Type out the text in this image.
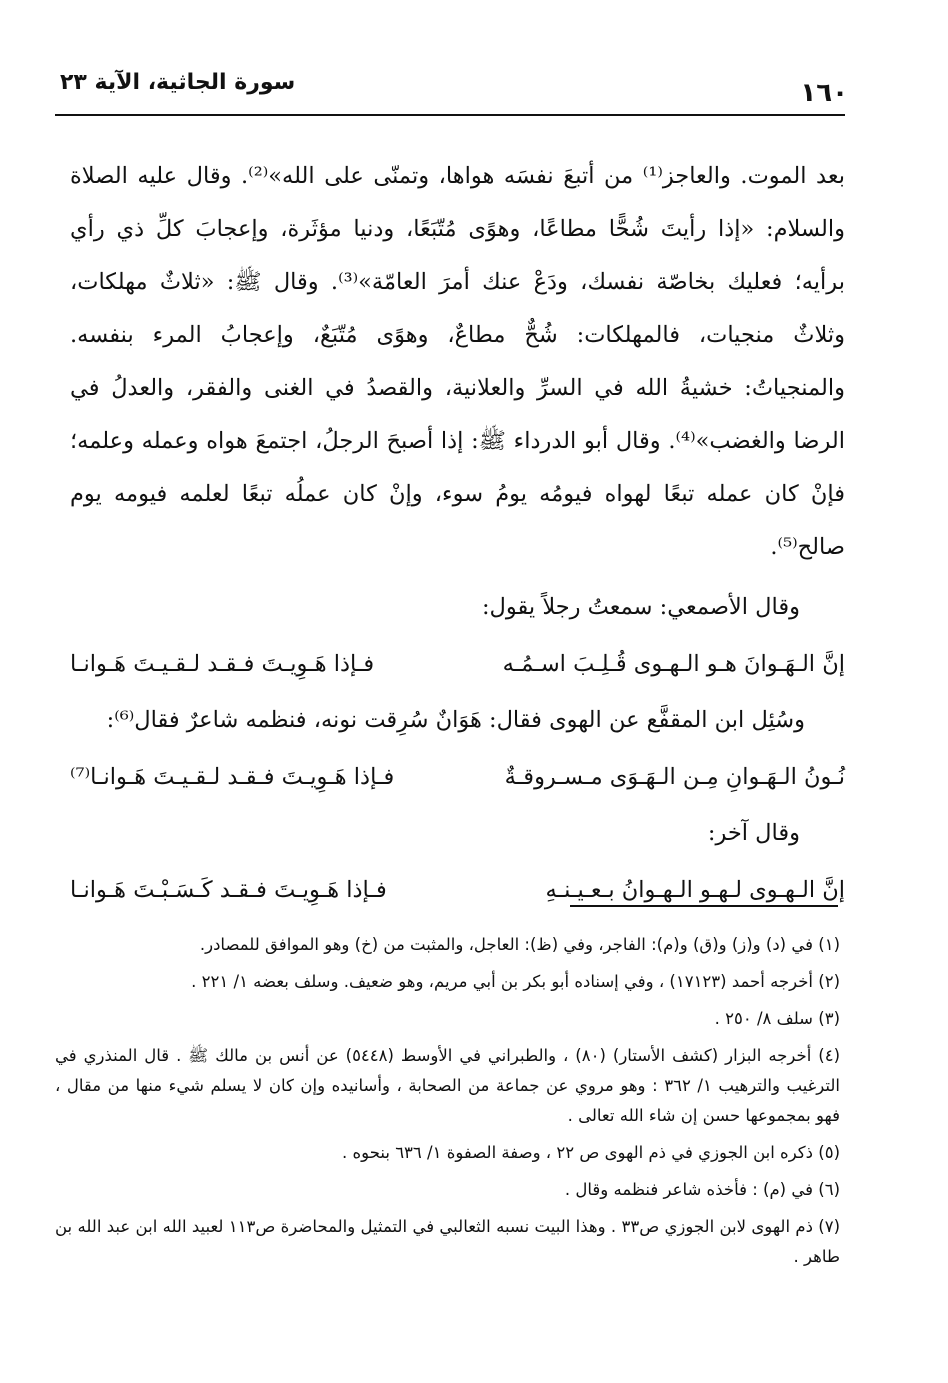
١٦٠
سورة الجاثية، الآية ٢٣

بعد الموت. والعاجز⁽¹⁾ من أتبعَ نفسَه هواها، وتمنّى على الله»⁽²⁾. وقال عليه الصلاة والسلام: «إذا رأيتَ شُحًّا مطاعًا، وهوًى مُتّبَعًا، ودنيا مؤثَرة، وإعجابَ كلِّ ذي رأي برأيه؛ فعليك بخاصّة نفسك، ودَعْ عنك أمرَ العامّة»⁽³⁾. وقال ﷺ: «ثلاثٌ مهلكات، وثلاثٌ منجيات، فالمهلكات: شُحٌّ مطاعٌ، وهوًى مُتّبَعٌ، وإعجابُ المرء بنفسه. والمنجياتُ: خشيةُ الله في السرِّ والعلانية، والقصدُ في الغنى والفقر، والعدلُ في الرضا والغضب»⁽⁴⁾. وقال أبو الدرداء ﷺ: إذا أصبحَ الرجلُ، اجتمعَ هواه وعمله وعلمه؛ فإنْ كان عمله تبعًا لهواه فيومُه يومُ سوء، وإنْ كان عملُه تبعًا لعلمه فيومه يوم صالح⁽⁵⁾.

وقال الأصمعي: سمعتُ رجلاً يقول:

إنَّ الـهَـوانَ هـو الـهـوى قُـلِـبَ اسـمُـه
فـإذا هَـوِيـتَ فـقـد لـقـيـتَ هَـوانـا

وسُئِل ابن المقفَّع عن الهوى فقال: هَوَانٌ سُرِقت نونه، فنظمه شاعرٌ فقال⁽⁶⁾:

نُـونُ الـهَـوانِ مِـن الـهَـوَى مـسـروقـةٌ
فـإذا هَـوِيـتَ فـقـد لـقـيـتَ هَـوانـا⁽⁷⁾

وقال آخر:

إنَّ الـهـوى لـهـو الـهـوانُ بـعـيـنـهِ
فـإذا هَـوِيـتَ فـقـد كَـسَـبْـتَ هَـوانـا

(١) في (د) و(ز) و(ق) و(م): الفاجر، وفي (ظ): العاجل، والمثبت من (خ) وهو الموافق للمصادر.

(٢) أخرجه أحمد (١٧١٢٣) ، وفي إسناده أبو بكر بن أبي مريم، وهو ضعيف. وسلف بعضه ١/ ٢٢١ .

(٣) سلف ٨/ ٢٥٠ .

(٤) أخرجه البزار (كشف الأستار) (٨٠) ، والطبراني في الأوسط (٥٤٤٨) عن أنس بن مالك ﷺ . قال المنذري في الترغيب والترهيب ١/ ٣٦٢ : وهو مروي عن جماعة من الصحابة ، وأسانيده وإن كان لا يسلم شيء منها من مقال ، فهو بمجموعها حسن إن شاء الله تعالى .

(٥) ذكره ابن الجوزي في ذم الهوى ص ٢٢ ، وصفة الصفوة ١/ ٦٣٦ بنحوه .

(٦) في (م) : فأخذه شاعر فنظمه وقال .

(٧) ذم الهوى لابن الجوزي ص٣٣ . وهذا البيت نسبه الثعالبي في التمثيل والمحاضرة ص١١٣ لعبيد الله ابن عبد الله بن طاهر .
